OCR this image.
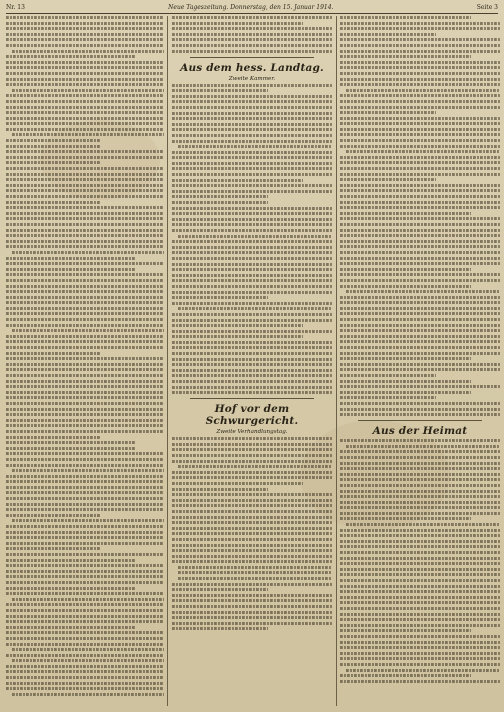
Nr. 13	Neue Tageszeitung. Donnerstag, den 15. Januar 1914.	Seite 3
Aus dem hess. Landtag.
Zweite Kammer.
Hof vor dem Schwurgericht.
Zweite Verhandlungstag.	Aus der Heimat
